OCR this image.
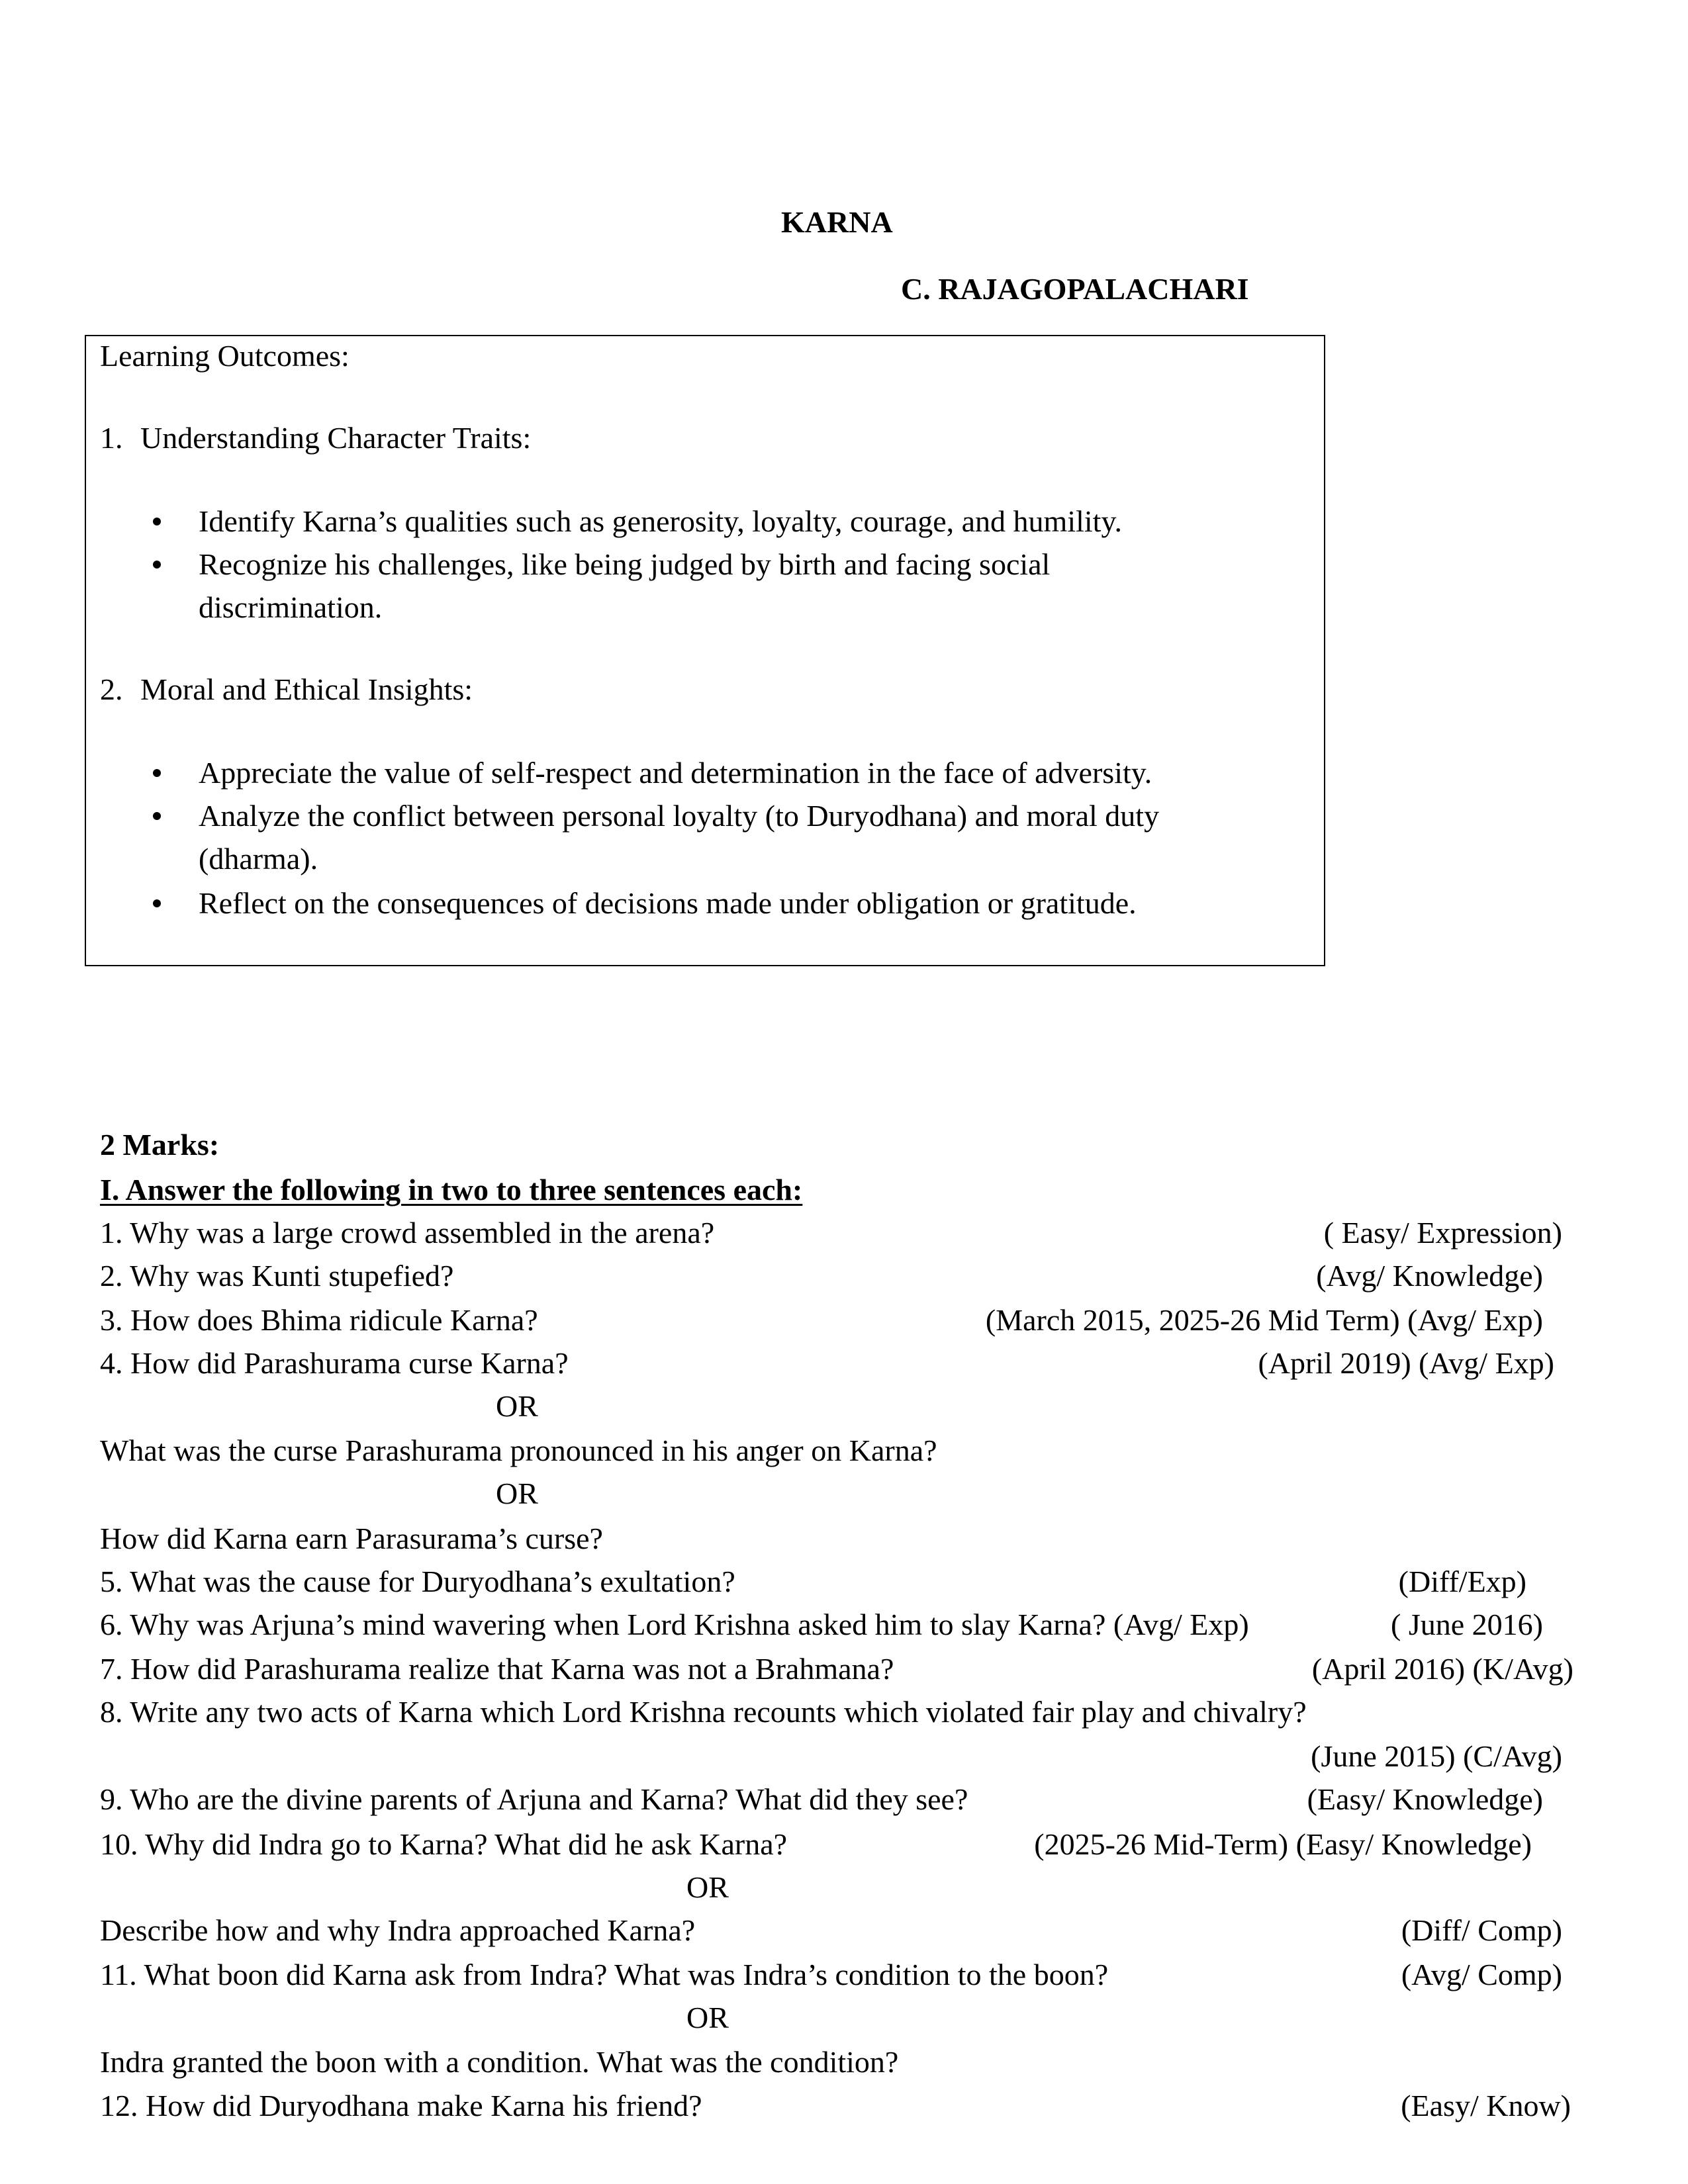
KARNA
C. RAJAGOPALACHARI
Learning Outcomes:
1. Understanding Character Traits:
Identify Karna’s qualities such as generosity, loyalty, courage, and humility.
Recognize his challenges, like being judged by birth and facing social
discrimination.
2. Moral and Ethical Insights:
Appreciate the value of self-respect and determination in the face of adversity.
Analyze the conflict between personal loyalty (to Duryodhana) and moral duty
(dharma).
Reflect on the consequences of decisions made under obligation or gratitude.
2 Marks:
I. Answer the following in two to three sentences each:
1. Why was a large crowd assembled in the arena?	( Easy/ Expression)
2. Why was Kunti stupefied?	(Avg/ Knowledge)
3. How does Bhima ridicule Karna?	(March 2015, 2025-26 Mid Term) (Avg/ Exp)
4. How did Parashurama curse Karna?	(April 2019) (Avg/ Exp)
OR
What was the curse Parashurama pronounced in his anger on Karna?
OR
How did Karna earn Parasurama’s curse?
5. What was the cause for Duryodhana’s exultation?	(Diff/Exp)
6. Why was Arjuna’s mind wavering when Lord Krishna asked him to slay Karna? (Avg/ Exp)	( June 2016)
7. How did Parashurama realize that Karna was not a Brahmana?	(April 2016) (K/Avg)
8. Write any two acts of Karna which Lord Krishna recounts which violated fair play and chivalry?
(June 2015) (C/Avg)
9. Who are the divine parents of Arjuna and Karna? What did they see?	(Easy/ Knowledge)
10. Why did Indra go to Karna? What did he ask Karna?	(2025-26 Mid-Term) (Easy/ Knowledge)
OR
Describe how and why Indra approached Karna?	(Diff/ Comp)
11. What boon did Karna ask from Indra? What was Indra’s condition to the boon?	(Avg/ Comp)
OR
Indra granted the boon with a condition. What was the condition?
12. How did Duryodhana make Karna his friend?	(Easy/ Know)
